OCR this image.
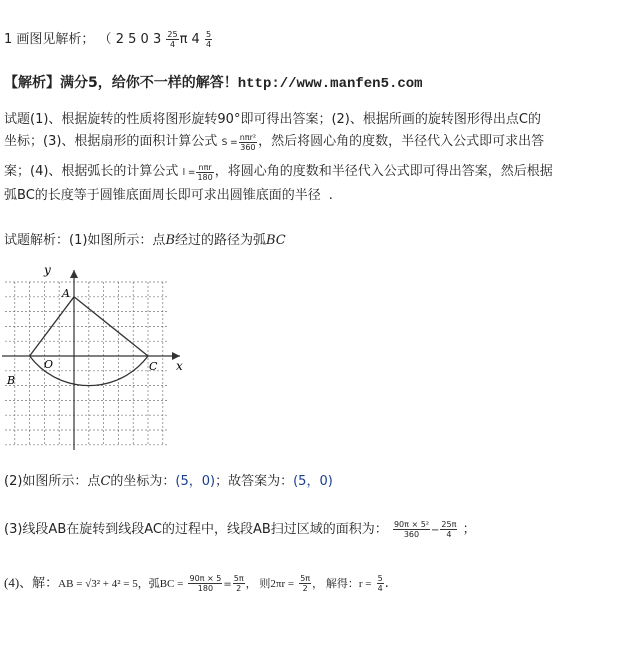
1 画图见解析； （ 2 5 0 $3 \frac{25}{4}$ π $4 \frac{5}{4}$
【解析】满分5，给你不一样的解答！http://www.manfen5.com
试题(1)、根据旋转的性质将图形旋转90°即可得出答案；(2)、根据所画的旋转图形得出点C的
坐标；(3)、根据扇形的面积计算公式 $S = \frac{\text{nπr²}}{360}$ ，然后将圆心角的度数，半径代入公式即可求出答
案；(4)、根据弧长的计算公式 $l = \frac{\text{nπr}}{180}$ ，将圆心角的度数和半径代入公式即可得出答案，然后根据
弧BC的长度等于圆锥底面周长即可求出圆锥底面的半径 .
试题解析：(1)如图所示：点B经过的路径为弧BC
y
x
A
B
C
O
(2)如图所示：点C的坐标为：(5，0)；故答案为：(5，0)
(3)线段AB在旋转到线段AC的过程中，线段AB扫过区域的面积为： $\frac{\text{90π × 5²}}{360} - \frac{25\pi}{4}$ ；
(4)、解：AB = √3² + 4² = 5，弧BC = $\frac{90\pi \times 5}{180} = \frac{5\pi}{2}$ ， 则$2\pi r = \frac{5\pi}{2}$ ， 解得：$r = \frac{5}{4}$ .
